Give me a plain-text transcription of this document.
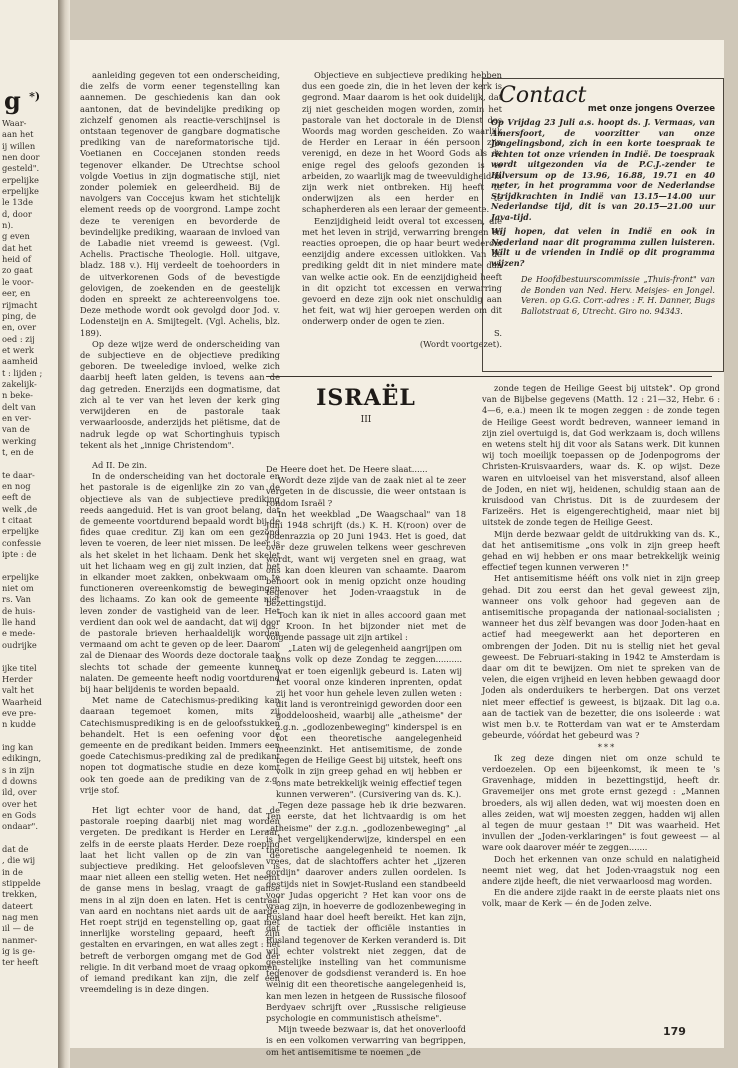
g *)
Waar-
aan het
ij willen
nen door
gesteld".
erpelijke
erpelijke
le 13de
d, door
n).
g even
dat het
heid of
zo gaat
le voor-
eer, en
rijmacht
ping, de
en, over
oed : zij
et werk
aamheid
t : lijden ;
zakelijk-
n beke-
delt van
en ver-
van de
werking
t, en de

te daar-
en nog
eeft de
welk ,de
t citaat
erpelijke
confessie
ipte : de

erpelijke
niet om
rs. Van
de huis-
lle hand
e mede-
oudrijke

ijke titel
Herder
valt het
Waarheid
eve pre-
n kudde

ing kan
edikingn,
s in zijn
d downs
ild, over
over het
en Gods
ondaar".

dat de
, die wij
in de
stippelde
trekken,
dateert
nag men
ıil — de
nanmer-
ig is ge-
ter heeft

aanleiding gegeven tot een onderscheiding, die zelfs de vorm eener tegenstelling kan aannemen. De geschiedenis kan dan ook aantonen, dat de bevindelijke prediking op zichzelf genomen als reactie-verschijnsel is ontstaan tegenover de gangbare dogmatische prediking van de nareformatorische tijd. Voetianen en Coccejanen stonden reeds tegenover elkander. De Utrechtse school volgde Voetius in zijn dogmatische stijl, niet zonder polemiek en geleerdheid. Bij de navolgers van Coccejus kwam het stichtelijk element reeds op de voorgrond. Lampe zocht deze te verenigen en bevorderde de bevindelijke prediking, waaraan de invloed van de Labadie niet vreemd is geweest. (Vgl. Achelis. Practische Theologie. Holl. uitgave, bladz. 188 v.). Hij verdeelt de toehoorders in de uitverkorenen Gods of de bevestigde gelovigen, de zoekenden en de geestelijk doden en spreekt ze achtereenvolgens toe. Deze methode wordt ook gevolgd door Jod. v. Lodensteijn en A. Smijtegelt. (Vgl. Achelis, blz. 189).

Op deze wijze werd de onderscheiding van de subjectieve en de objectieve prediking geboren. De tweeledige invloed, welke zich daarbij heeft laten gelden, is tevens aan de dag getreden. Enerzijds een dogmatisme, dat zich al te ver van het leven der kerk ging verwijderen en de pastorale taak verwaarloosde, anderzijds het piëtisme, dat de nadruk legde op wat Schortinghuis typisch tekent als het „innige Christendom".

Ad II. De zin.

In de onderscheiding van het doctorale en het pastorale is de eigenlijke zin zo van de objectieve als van de subjectieve prediking reeds aangeduid. Het is van groot belang, dat de gemeente voortdurend bepaald wordt bij de fides quae creditur. Zij kan om een gezond leven te voeren, de leer niet missen. De leer is als het skelet in het lichaam. Denk het skelet uit het lichaam weg en gij zult inzien, dat het in elkander moet zakken, onbekwaam om te functioneren overeenkomstig de bewegingen des lichaams. Zo kan ook de gemeente niet leven zonder de vastigheid van de leer. Het verdient dan ook wel de aandacht, dat wij door de pastorale brieven herhaaldelijk worden vermaand om acht te geven op de leer. Daarom zal de Dienaar des Woords deze doctorale taak slechts tot schade der gemeente kunnen nalaten. De gemeente heeft nodig voortdurend bij haar belijdenis te worden bepaald.

Met name de Catechismus-prediking kan daaraan tegemoet komen, mits zij Catechismusprediking is en de geloofsstukken behandelt. Het is een oefening voor de gemeente en de predikant beiden. Immers een goede Catechismus-prediking zal de predikant nopen tot dogmatische studie en deze komt ook ten goede aan de prediking van de z.g. vrije stof.

Het ligt echter voor de hand, dat de pastorale roeping daarbij niet mag worden vergeten. De predikant is Herder en Leraar, zelfs in de eerste plaats Herder. Deze roeping laat het licht vallen op de zin van de subjectieve prediking. Het geloofsleven is maar niet alleen een stellig weten. Het neemt de ganse mens in beslag, vraagt de ganse mens in al zijn doen en laten. Het is centraal van aard en nochtans niet aards uit de aarde. Het roept strijd en tegenstelling op, gaat met innerlijke worsteling gepaard, heeft zijn gestalten en ervaringen, en wat alles zegt : het betreft de verborgen omgang met de God der religie. In dit verband moet de vraag opkomen, of iemand predikant kan zijn, die zelf een vreemdeling is in deze dingen.

Objectieve en subjectieve prediking hebben dus een goede zin, die in het leven der kerk is gegrond. Maar daarom is het ook duidelijk, dat zij niet gescheiden mogen worden, zomin het pastorale van het doctorale in de Dienst des Woords mag worden gescheiden. Zo waarlijk de Herder en Leraar in één persoon zijn verenigd, en deze in het Woord Gods als de enige regel des geloofs gezonden is te arbeiden, zo waarlijk mag de tweevuldigheid in zijn werk niet ontbreken. Hij heeft te onderwijzen als een herder en te schapherderen als een leraar der gemeente.

Eenzijdigheid leidt overal tot excessen, die met het leven in strijd, verwarring brengen en reacties oproepen, die op haar beurt wederom eenzijdig andere excessen uitlokken. Van de prediking geldt dit in niet mindere mate dan van welke actie ook. En de eenzijdigheid heeft in dit opzicht tot excessen en verwarring gevoerd en deze zijn ook niet onschuldig aan het feit, wat wij hier geroepen werden om dit onderwerp onder de ogen te zien.

S.

(Wordt voortgezet).

Contact
met onze jongens Overzee

Op Vrijdag 23 Juli a.s. hoopt ds. J. Vermaas, van Amersfoort, de voorzitter van onze Jongelingsbond, zich in een korte toespraak te richten tot onze vrienden in Indië. De toespraak wordt uitgezonden via de P.C.J.-zender te Hilversum op de 13.96, 16.88, 19.71 en 40 meter, in het programma voor de Nederlandse Strijdkrachten in Indië van 13.15—14.00 uur Nederlandse tijd, dit is van 20.15—21.00 uur Java-tijd.

Wij hopen, dat velen in Indië en ook in Nederland naar dit programma zullen luisteren. Wilt u de vrienden in Indië op dit programma wijzen?

De Hoofdbestuurscommissie „Thuis-front" van de Bonden van Ned. Herv. Meisjes- en Jongel. Veren. op G.G. Corr.-adres : F. H. Danner, Bugs Ballotstraat 6, Utrecht. Giro no. 94343.

ISRAËL
III

De Heere doet het. De Heere slaat......

Wordt deze zijde van de zaak niet al te zeer vergeten in de discussie, die weer ontstaan is rondom Israël ?

In het weekblad „De Waagschaal" van 18 Juni 1948 schrijft (ds.) K. H. K(roon) over de Jodenrazzia op 20 Juni 1943. Het is goed, dat over deze gruwelen telkens weer geschreven wordt, want wij vergeten snel en graag, wat ons kan doen kleuren van schaamte. Daarom behoort ook in menig opzicht onze houding tegenover het Joden-vraagstuk in de bezettingstijd.

Toch kan ik niet in alles accoord gaan met ds. Kroon. In het bijzonder niet met de volgende passage uit zijn artikel :

„Laten wij de gelegenheid aangrijpen om ons volk op deze Zondag te zeggen.......... wat er toen eigenlijk gebeurd is. Laten wij het vooral onze kinderen inprenten, opdat zij het voor hun gehele leven zullen weten : dit land is verontreinigd geworden door een goddeloosheid, waarbij alle „atheisme" der z.g.n. „godlozenbeweging" kinderspel is en tot een theoretische aangelegenheid ineenzinkt. Het antisemitisme, de zonde tegen de Heilige Geest bij uitstek, heeft ons volk in zijn greep gehad en wij hebben er ons mate betrekkelijk weinig effectief tegen kunnen verweren". (Cursivering van ds. K.).

Tegen deze passage heb ik drie bezwaren. Ten eerste, dat het lichtvaardig is om het „atheisme" der z.g.n. „godlozenbeweging" „al is het vergelijkenderwijze, kinderspel en een theoretische aangelegenheid te noemen. Ik vrees, dat de slachtoffers achter het „ijzeren gordijn" daarover anders zullen oordelen. Is destijds niet in Sowjet-Rusland een standbeeld voor Judas opgericht ? Het kan voor ons de vraag zijn, in hoeverre de godlozenbeweging in Rusland haar doel heeft bereikt. Het kan zijn, dat de tactiek der officiële instanties in Rusland tegenover de Kerken veranderd is. Dit wil echter volstrekt niet zeggen, dat de geestelijke instelling van het communisme tegenover de godsdienst veranderd is. En hoe weinig dit een theoretische aangelegenheid is, kan men lezen in hetgeen de Russische filosoof Berdyaev schrijft over „Russische religieuse psychologie en communistisch atheïsme".

Mijn tweede bezwaar is, dat het onoverloofd is en een volkomen verwarring van begrippen, om het antisemitisme te noemen „de

zonde tegen de Heilige Geest bij uitstek". Op grond van de Bijbelse gegevens (Matth. 12 : 21—32, Hebr. 6 : 4—6, e.a.) meen ik te mogen zeggen : de zonde tegen de Heilige Geest wordt bedreven, wanneer iemand in zijn ziel overtuigd is, dat God werkzaam is, doch willens en wetens stelt hij dit voor als Satans werk. Dit kunnen wij toch moeilijk toepassen op de Jodenpogroms der Christen-Kruisvaarders, waar ds. K. op wijst. Deze waren en uitvloeisel van het misverstand, alsof alleen de Joden, en niet wij, heidenen, schuldig staan aan de kruisdood van Christus. Dit is de zuurdesem der Farizeërs. Het is eigengerechtigheid, maar niet bij uitstek de zonde tegen de Heilige Geest.

Mijn derde bezwaar geldt de uitdrukking van ds. K., dat het antisemitisme „ons volk in zijn greep heeft gehad en wij hebben er ons maar betrekkelijk weinig effectief tegen kunnen verweren !"

Het antisemitisme hééft ons volk niet in zijn greep gehad. Dit zou eerst dan het geval geweest zijn, wanneer ons volk gehoor had gegeven aan de antisemitische propaganda der nationaal-socialisten ; wanneer het dus zèlf bevangen was door Joden-haat en actief had meegewerkt aan het deporteren en ombrengen der Joden. Dit nu is stellig niet het geval geweest. De Februari-staking in 1942 te Amsterdam is daar om dit te bewijzen. Om niet te spreken van de velen, die eigen vrijheid en leven hebben gewaagd door Joden als onderduikers te herbergen. Dat ons verzet niet meer effectief is geweest, is bijzaak. Dit lag o.a. aan de tactiek van de bezetter, die ons isoleerde : wat wist men b.v. te Rotterdam van wat er te Amsterdam gebeurde, vóórdat het gebeurd was ?

***

Ik zeg deze dingen niet om onze schuld te verdoezelen. Op een bijeenkomst, ik meen te 's Gravenhage, midden in bezettingstijd, heeft dr. Gravemeijer ons met grote ernst gezegd : „Mannen broeders, als wij allen deden, wat wij moesten doen en alles zeiden, wat wij moesten zeggen, hadden wij allen al tegen de muur gestaan !" Dit was waarheid. Het invullen der „Joden-verklaringen" is fout geweest — al ware ook daarover méér te zeggen.......

Doch het erkennen van onze schuld en nalatigheid neemt niet weg, dat het Joden-vraagstuk nog een andere zijde heeft, die niet verwaarloosd mag worden.

En die andere zijde raakt in de eerste plaats niet ons volk, maar de Kerk — én de Joden zelve.

179
